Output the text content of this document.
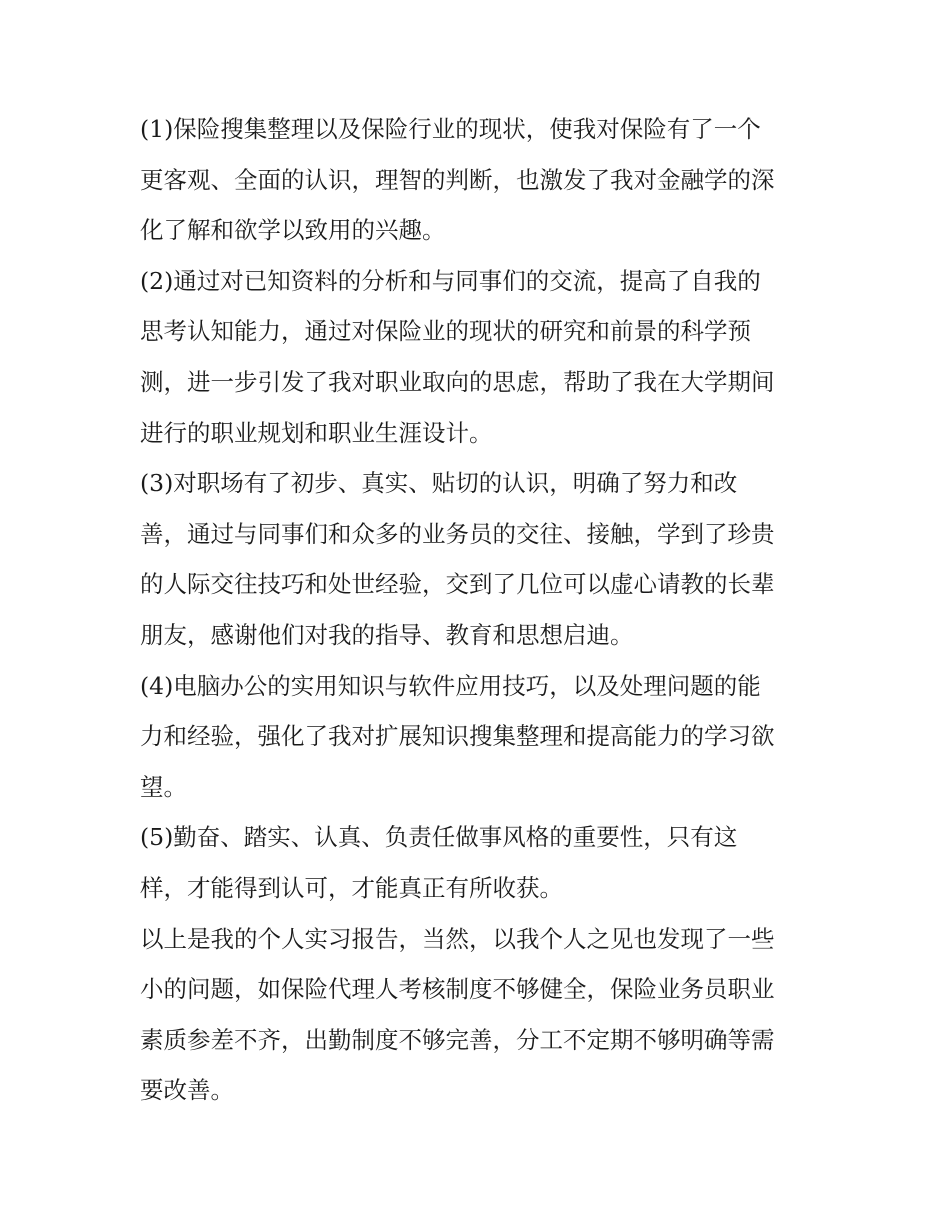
(1)保险搜集整理以及保险行业的现状，使我对保险有了一个
更客观、全面的认识，理智的判断，也激发了我对金融学的深
化了解和欲学以致用的兴趣。
(2)通过对已知资料的分析和与同事们的交流，提高了自我的
思考认知能力，通过对保险业的现状的研究和前景的科学预
测，进一步引发了我对职业取向的思虑，帮助了我在大学期间
进行的职业规划和职业生涯设计。
(3)对职场有了初步、真实、贴切的认识，明确了努力和改
善，通过与同事们和众多的业务员的交往、接触，学到了珍贵
的人际交往技巧和处世经验，交到了几位可以虚心请教的长辈
朋友，感谢他们对我的指导、教育和思想启迪。
(4)电脑办公的实用知识与软件应用技巧，以及处理问题的能
力和经验，强化了我对扩展知识搜集整理和提高能力的学习欲
望。
(5)勤奋、踏实、认真、负责任做事风格的重要性，只有这
样，才能得到认可，才能真正有所收获。
以上是我的个人实习报告，当然，以我个人之见也发现了一些
小的问题，如保险代理人考核制度不够健全，保险业务员职业
素质参差不齐，出勤制度不够完善，分工不定期不够明确等需
要改善。
